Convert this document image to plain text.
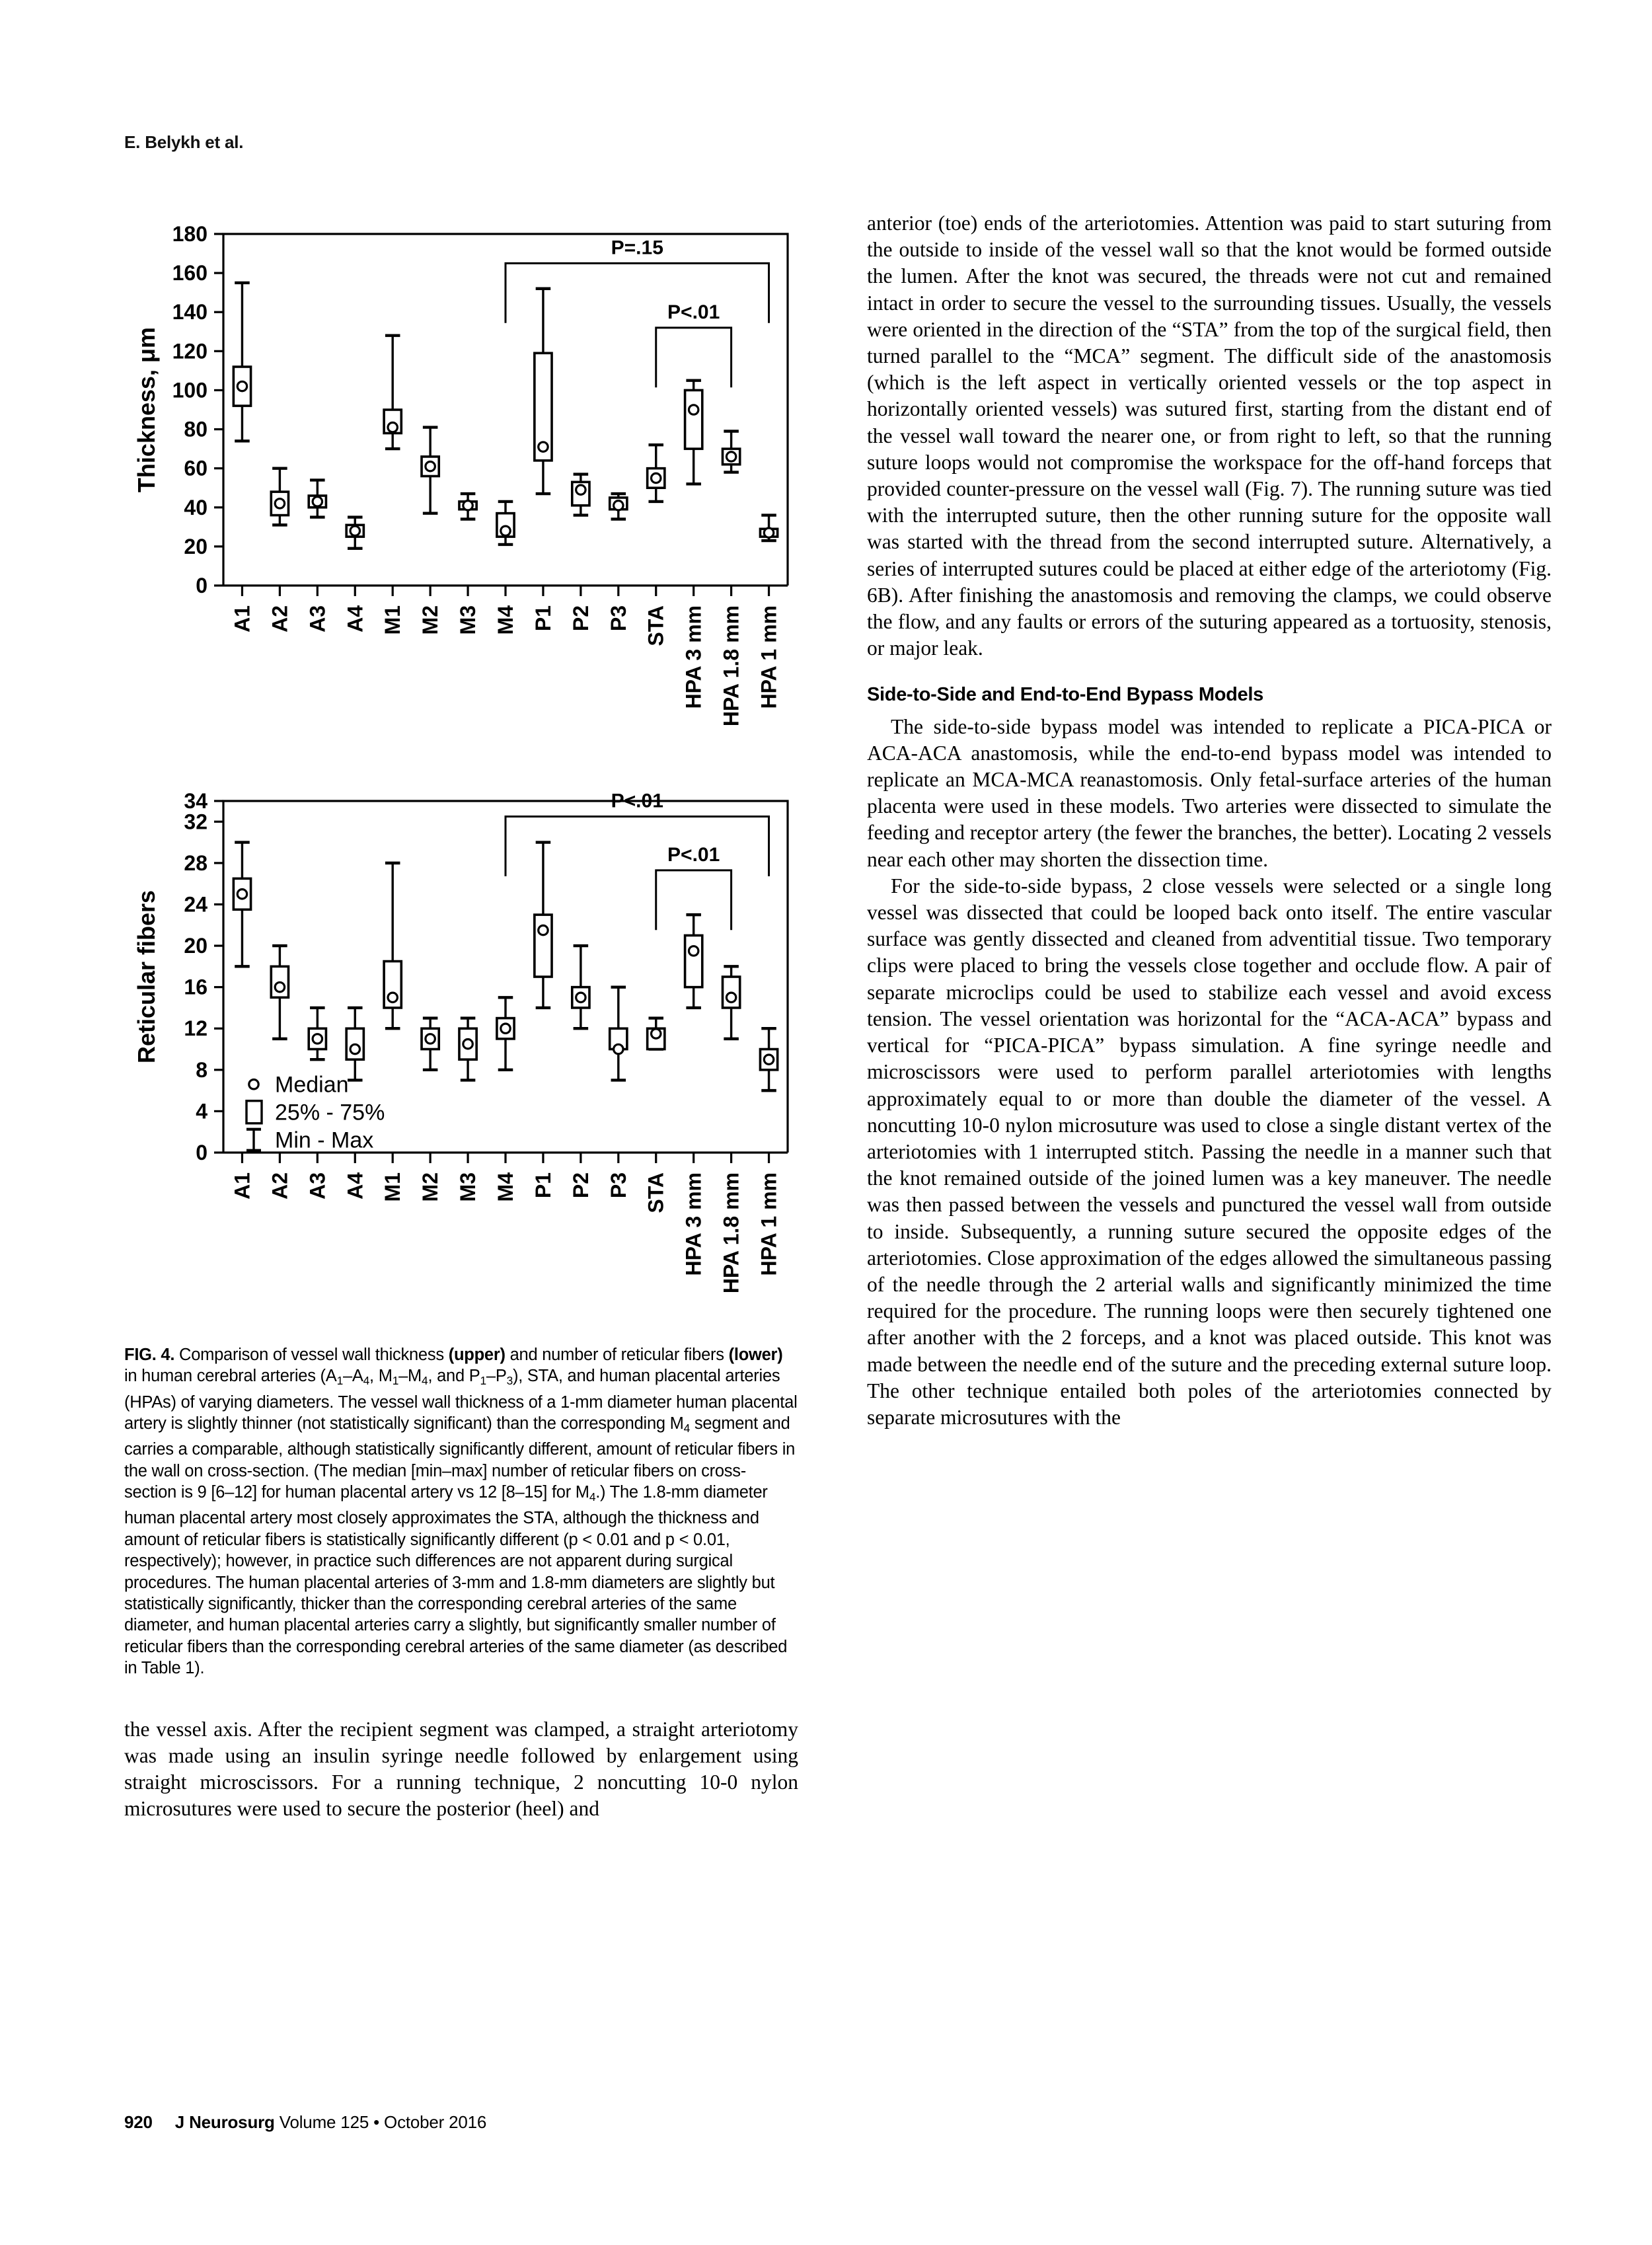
E. Belykh et al.
0
20
40
60
80
100
120
140
160
180
Thickness, μm
A1 A2 A3 A4 M1 M2 M3 M4 P1 P2 P3 STA HPA 3 mm HPA 1.8 mm HPA 1 mm
P=.15
P<.01
0
4
8
12
16
20
24
28
32
34
Reticular fibers
A1 A2 A3 A4 M1 M2 M3 M4 P1 P2 P3 STA HPA 3 mm HPA 1.8 mm HPA 1 mm
P<.01
P<.01
Median
25% - 75%
Min - Max
FIG. 4. Comparison of vessel wall thickness (upper) and number of reticular fibers (lower) in human cerebral arteries ($A_1-A_4$, $M_1-M_4$, and $P_1-P_3$), STA, and human placental arteries (HPAs) of varying diameters. The vessel wall thickness of a 1-mm diameter human placental artery is slightly thinner (not statistically significant) than the corresponding $M_4$ segment and carries a comparable, although statistically significantly different, amount of reticular fibers in the wall on cross-section. (The median [min–max] number of reticular fibers on cross-section is 9 [6–12] for human placental artery vs 12 [8–15] for $M_4$.) The 1.8-mm diameter human placental artery most closely approximates the STA, although the thickness and amount of reticular fibers is statistically significantly different (p < 0.01 and p < 0.01, respectively); however, in practice such differences are not apparent during surgical procedures. The human placental arteries of 3-mm and 1.8-mm diameters are slightly but statistically significantly, thicker than the corresponding cerebral arteries of the same diameter, and human placental arteries carry a slightly, but significantly smaller number of reticular fibers than the corresponding cerebral arteries of the same diameter (as described in Table 1).

the vessel axis. After the recipient segment was clamped, a straight arteriotomy was made using an insulin syringe needle followed by enlargement using straight microscissors. For a running technique, 2 noncutting 10-0 nylon microsutures were used to secure the posterior (heel) and

anterior (toe) ends of the arteriotomies. Attention was paid to start suturing from the outside to inside of the vessel wall so that the knot would be formed outside the lumen. After the knot was secured, the threads were not cut and remained intact in order to secure the vessel to the surrounding tissues. Usually, the vessels were oriented in the direction of the “STA” from the top of the surgical field, then turned parallel to the “MCA” segment. The difficult side of the anastomosis (which is the left aspect in vertically oriented vessels or the top aspect in horizontally oriented vessels) was sutured first, starting from the distant end of the vessel wall toward the nearer one, or from right to left, so that the running suture loops would not compromise the workspace for the off-hand forceps that provided counter-pressure on the vessel wall (Fig. 7). The running suture was tied with the interrupted suture, then the other running suture for the opposite wall was started with the thread from the second interrupted suture. Alternatively, a series of interrupted sutures could be placed at either edge of the arteriotomy (Fig. 6B). After finishing the anastomosis and removing the clamps, we could observe the flow, and any faults or errors of the suturing appeared as a tortuosity, stenosis, or major leak.

Side-to-Side and End-to-End Bypass Models

The side-to-side bypass model was intended to replicate a PICA-PICA or ACA-ACA anastomosis, while the end-to-end bypass model was intended to replicate an MCA-MCA reanastomosis. Only fetal-surface arteries of the human placenta were used in these models. Two arteries were dissected to simulate the feeding and receptor artery (the fewer the branches, the better). Locating 2 vessels near each other may shorten the dissection time.

For the side-to-side bypass, 2 close vessels were selected or a single long vessel was dissected that could be looped back onto itself. The entire vascular surface was gently dissected and cleaned from adventitial tissue. Two temporary clips were placed to bring the vessels close together and occlude flow. A pair of separate microclips could be used to stabilize each vessel and avoid excess tension. The vessel orientation was horizontal for the “ACA-ACA” bypass and vertical for “PICA-PICA” bypass simulation. A fine syringe needle and microscissors were used to perform parallel arteriotomies with lengths approximately equal to or more than double the diameter of the vessel. A noncutting 10-0 nylon microsuture was used to close a single distant vertex of the arteriotomies with 1 interrupted stitch. Passing the needle in a manner such that the knot remained outside of the joined lumen was a key maneuver. The needle was then passed between the vessels and punctured the vessel wall from outside to inside. Subsequently, a running suture secured the opposite edges of the arteriotomies. Close approximation of the edges allowed the simultaneous passing of the needle through the 2 arterial walls and significantly minimized the time required for the procedure. The running loops were then securely tightened one after another with the 2 forceps, and a knot was placed outside. This knot was made between the needle end of the suture and the preceding external suture loop. The other technique entailed both poles of the arteriotomies connected by separate microsutures with the

920 J Neurosurg Volume 125 • October 2016
